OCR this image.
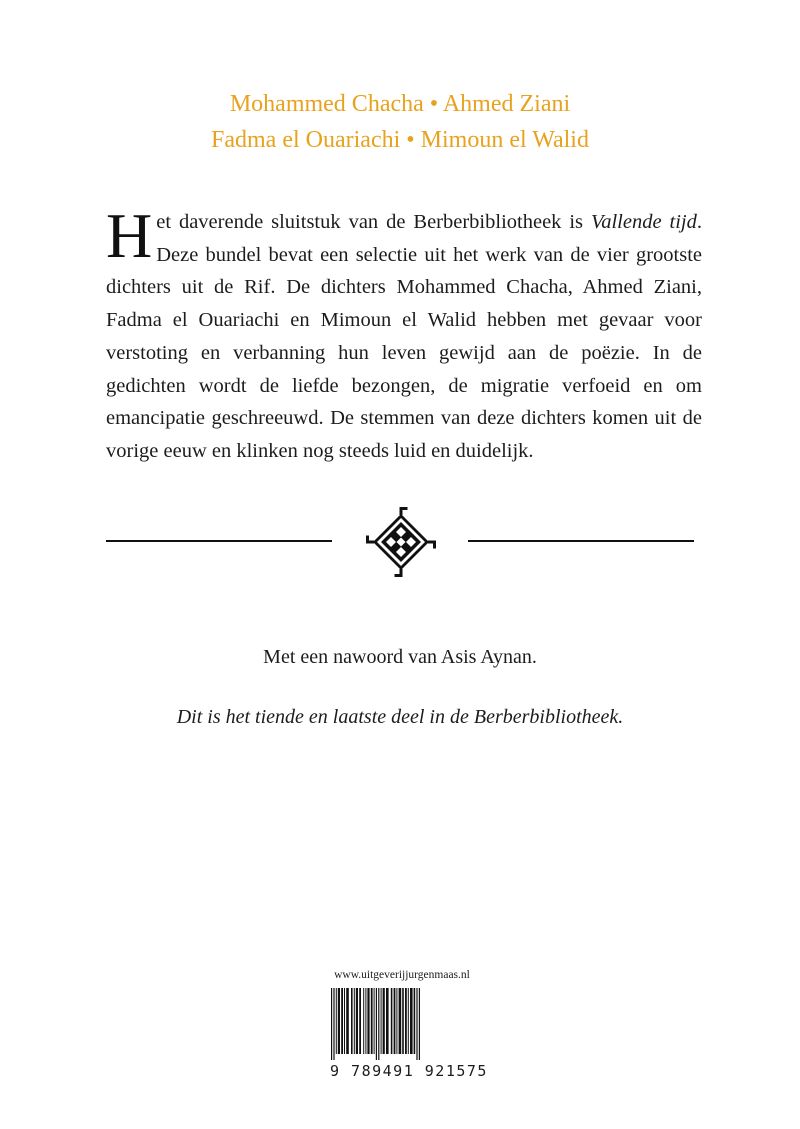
Mohammed Chacha • Ahmed Ziani
Fadma el Ouariachi • Mimoun el Walid
Het daverende sluitstuk van de Berberbibliotheek is Vallende tijd. Deze bundel bevat een selectie uit het werk van de vier grootste dichters uit de Rif. De dichters Mohammed Chacha, Ahmed Ziani, Fadma el Ouariachi en Mimoun el Walid hebben met gevaar voor verstoting en verbanning hun leven gewijd aan de poëzie. In de gedichten wordt de liefde bezongen, de migratie verfoeid en om emancipatie geschreeuwd. De stemmen van deze dichters komen uit de vorige eeuw en klinken nog steeds luid en duidelijk.
Met een nawoord van Asis Aynan.
Dit is het tiende en laatste deel in de Berberbibliotheek.
www.uitgeverijjurgenmaas.nl
9 789491 921575
